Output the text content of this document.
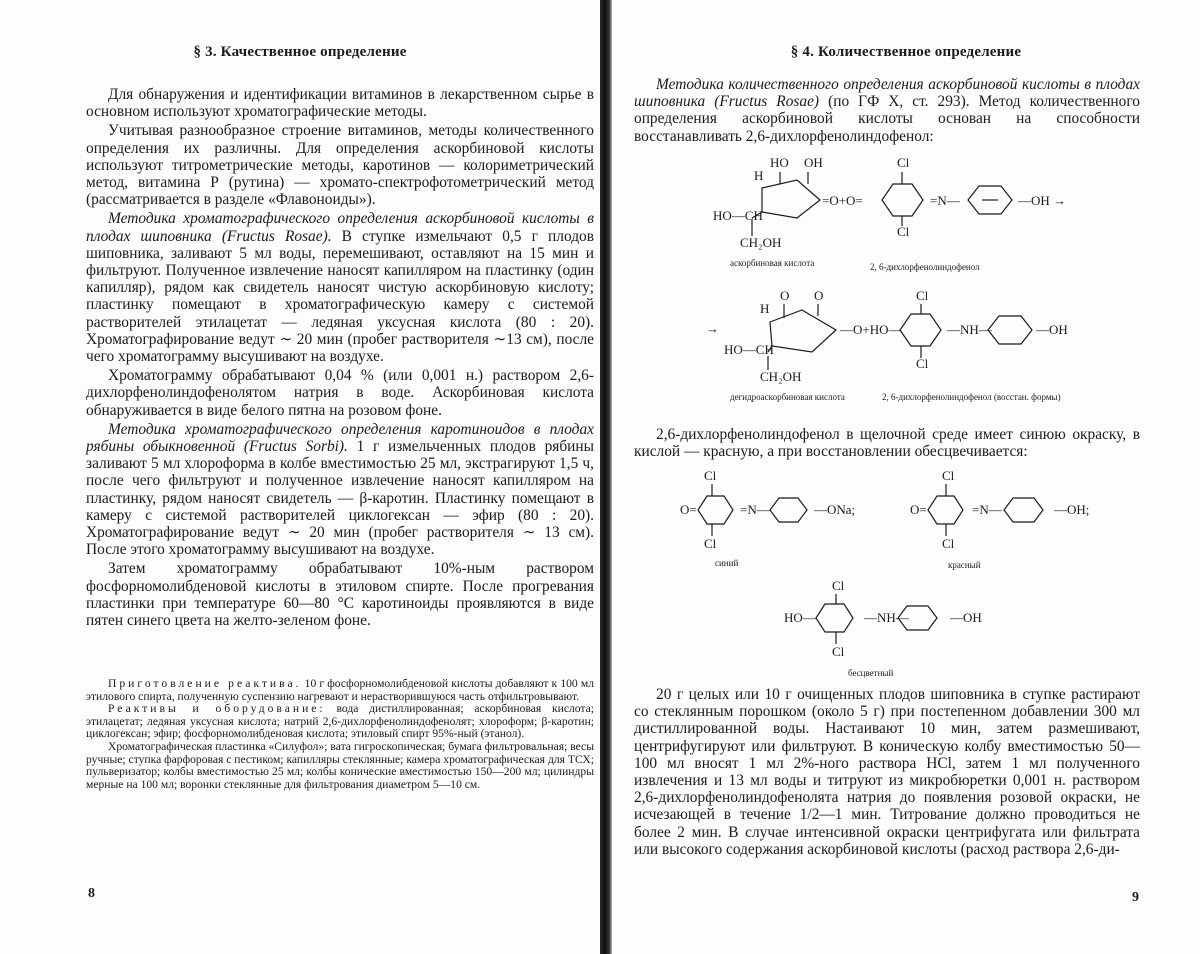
§ 3. Качественное определение

Для обнаружения и идентификации витаминов в лекарственном сырье в основном используют хроматографические методы.

Учитывая разнообразное строение витаминов, методы количественного определения их различны. Для определения аскорбиновой кислоты используют титрометрические методы, каротинов — колориметрический метод, витамина Р (рутина) — хромато-спектрофотометрический метод (рассматривается в разделе «Флавоноиды»).

Методика хроматографического определения аскорбиновой кислоты в плодах шиповника (Fructus Rosae). В ступке измельчают 0,5 г плодов шиповника, заливают 5 мл воды, перемешивают, оставляют на 15 мин и фильтруют. Полученное извлечение наносят капилляром на пластинку (один капилляр), рядом как свидетель наносят чистую аскорбиновую кислоту; пластинку помещают в хроматографическую камеру с системой растворителей этилацетат — ледяная уксусная кислота (80 : 20). Хроматографирование ведут ∼ 20 мин (пробег растворителя ∼13 см), после чего хроматограмму высушивают на воздухе.

Хроматограмму обрабатывают 0,04 % (или 0,001 н.) раствором 2,6-дихлорфенолиндофенолятом натрия в воде. Аскорбиновая кислота обнаруживается в виде белого пятна на розовом фоне.

Методика хроматографического определения каротиноидов в плодах рябины обыкновенной (Fructus Sorbi). 1 г измельченных плодов рябины заливают 5 мл хлороформа в колбе вместимостью 25 мл, экстрагируют 1,5 ч, после чего фильтруют и полученное извлечение наносят капилляром на пластинку, рядом наносят свидетель — β-каротин. Пластинку помещают в камеру с системой растворителей циклогексан — эфир (80 : 20). Хроматографирование ведут ∼ 20 мин (пробег растворителя ∼ 13 см). После этого хроматограмму высушивают на воздухе.

Затем хроматограмму обрабатывают 10%-ным раствором фосфорномолибденовой кислоты в этиловом спирте. После прогревания пластинки при температуре 60—80 °С каротиноиды проявляются в виде пятен синего цвета на желто-зеленом фоне.

Приготовление реактива. 10 г фосфорномолибденовой кислоты добавляют к 100 мл этилового спирта, полученную суспензию нагревают и нерастворившуюся часть отфильтровывают.

Реактивы и оборудование: вода дистиллированная; аскорбиновая кислота; этилацетат; ледяная уксусная кислота; натрий 2,6-дихлорфенолиндофенолят; хлороформ; β-каротин; циклогексан; эфир; фосфорномолибденовая кислота; этиловый спирт 95%-ный (этанол).

Хроматографическая пластинка «Силуфол»; вата гигроскопическая; бумага фильтровальная; весы ручные; ступка фарфоровая с пестиком; капилляры стеклянные; камера хроматографическая для ТСХ; пульверизатор; колбы вместимостью 25 мл; колбы конические вместимостью 150—200 мл; цилиндры мерные на 100 мл; воронки стеклянные для фильтрования диаметром 5—10 см.

8
§ 4. Количественное определение

Методика количественного определения аскорбиновой кислоты в плодах шиповника (Fructus Rosae) (по ГФ X, ст. 293). Метод количественного определения аскорбиновой кислоты основан на способности восстанавливать 2,6-дихлорфенолиндофенол:

HO OH
H
HO—CH
CH₂OH
=O+O=
Cl
Cl
=N—	—OH →
аскорбиновая кислота	2, 6-дихлорфенолиндофенол
→
O O
H
HO—CH
CH₂OH
—O+HO—
Cl
Cl
—NH—	—OH
дегидроаскорбиновая кислота	2, 6-дихлорфенолиндофенол (восстан. формы)

2,6-дихлорфенолиндофенол в щелочной среде имеет синюю окраску, в кислой — красную, а при восстановлении обесцвечивается:

Cl
Cl
O=	=N—	—ONa;
Cl
Cl
O=	=N—	—OH;
Cl
Cl
HO—	—NH—	—OH
синий	красный
бесцветный

20 г целых или 10 г очищенных плодов шиповника в ступке растирают со стеклянным порошком (около 5 г) при постепенном добавлении 300 мл дистиллированной воды. Настаивают 10 мин, затем размешивают, центрифугируют или фильтруют. В коническую колбу вместимостью 50—100 мл вносят 1 мл 2%-ного раствора HCl, затем 1 мл полученного извлечения и 13 мл воды и титруют из микробюретки 0,001 н. раствором 2,6-дихлорфенолиндофенолята натрия до появления розовой окраски, не исчезающей в течение 1/2—1 мин. Титрование должно проводиться не более 2 мин. В случае интенсивной окраски центрифугата или фильтрата или высокого содержания аскорбиновой кислоты (расход раствора 2,6-ди-

9
